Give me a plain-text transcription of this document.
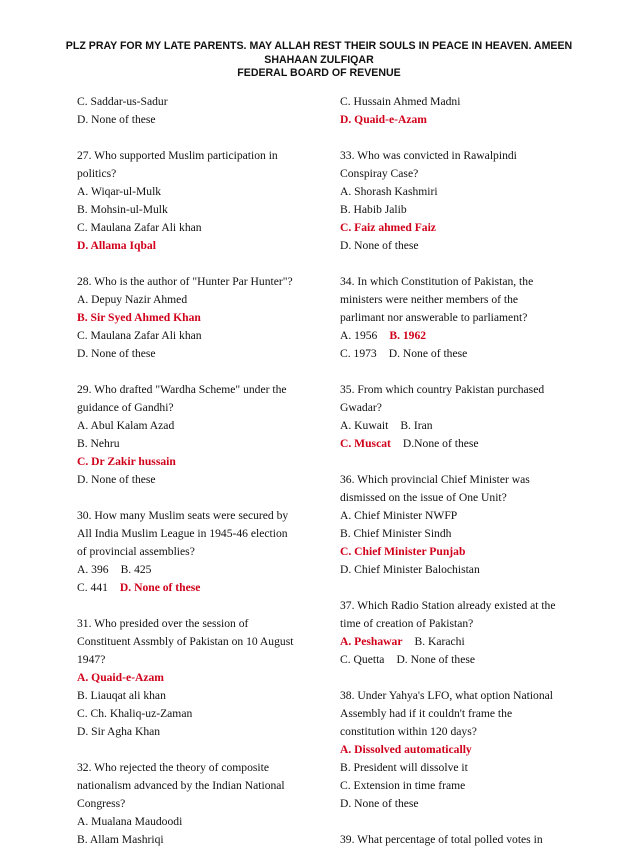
PLZ PRAY FOR MY LATE PARENTS. MAY ALLAH REST THEIR SOULS IN PEACE IN HEAVEN. AMEEN
SHAHAAN ZULFIQAR
FEDERAL BOARD OF REVENUE
C. Saddar-us-Sadur
D. None of these
27. Who supported Muslim participation in
politics?
A. Wiqar-ul-Mulk
B. Mohsin-ul-Mulk
C. Maulana Zafar Ali khan
D. Allama Iqbal
28. Who is the author of "Hunter Par Hunter"?
A. Depuy Nazir Ahmed
B. Sir Syed Ahmed Khan
C. Maulana Zafar Ali khan
D. None of these
29. Who drafted "Wardha Scheme" under the
guidance of Gandhi?
A. Abul Kalam Azad
B. Nehru
C. Dr Zakir hussain
D. None of these
30. How many Muslim seats were secured by
All India Muslim League in 1945-46 election
of provincial assemblies?
A. 396 B. 425
C. 441 D. None of these
31. Who presided over the session of
Constituent Assmbly of Pakistan on 10 August
1947?
A. Quaid-e-Azam
B. Liauqat ali khan
C. Ch. Khaliq-uz-Zaman
D. Sir Agha Khan
32. Who rejected the theory of composite
nationalism advanced by the Indian National
Congress?
A. Mualana Maudoodi
B. Allam Mashriqi
C. Hussain Ahmed Madni
D. Quaid-e-Azam
33. Who was convicted in Rawalpindi
Conspiray Case?
A. Shorash Kashmiri
B. Habib Jalib
C. Faiz ahmed Faiz
D. None of these
34. In which Constitution of Pakistan, the
ministers were neither members of the
parlimant nor answerable to parliament?
A. 1956 B. 1962
C. 1973 D. None of these
35. From which country Pakistan purchased
Gwadar?
A. Kuwait B. Iran
C. Muscat D.None of these
36. Which provincial Chief Minister was
dismissed on the issue of One Unit?
A. Chief Minister NWFP
B. Chief Minister Sindh
C. Chief Minister Punjab
D. Chief Minister Balochistan
37. Which Radio Station already existed at the
time of creation of Pakistan?
A. Peshawar B. Karachi
C. Quetta D. None of these
38. Under Yahya's LFO, what option National
Assembly had if it couldn't frame the
constitution within 120 days?
A. Dissolved automatically
B. President will dissolve it
C. Extension in time frame
D. None of these
39. What percentage of total polled votes in
